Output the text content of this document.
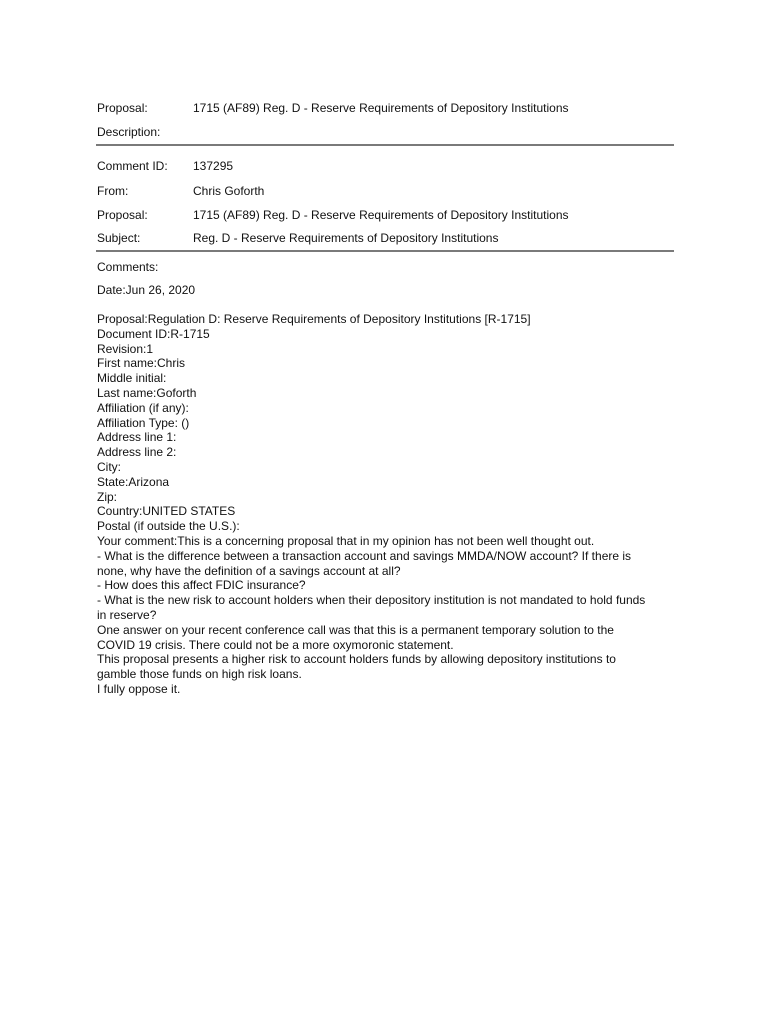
Proposal:	1715 (AF89) Reg. D - Reserve Requirements of Depository Institutions
Description:
Comment ID: 137295
From:	Chris Goforth
Proposal:	1715 (AF89) Reg. D - Reserve Requirements of Depository Institutions
Subject:	Reg. D - Reserve Requirements of Depository Institutions
Comments:
Date:Jun 26, 2020
Proposal:Regulation D: Reserve Requirements of Depository Institutions [R-1715]
Document ID:R-1715
Revision:1
First name:Chris
Middle initial:
Last name:Goforth
Affiliation (if any):
Affiliation Type: ()
Address line 1:
Address line 2:
City:
State:Arizona
Zip:
Country:UNITED STATES
Postal (if outside the U.S.):
Your comment:This is a concerning proposal that in my opinion has not been well thought out.
- What is the difference between a transaction account and savings MMDA/NOW account? If there is
none, why have the definition of a savings account at all?
- How does this affect FDIC insurance?
- What is the new risk to account holders when their depository institution is not mandated to hold funds
in reserve?
One answer on your recent conference call was that this is a permanent temporary solution to the
COVID 19 crisis. There could not be a more oxymoronic statement.
This proposal presents a higher risk to account holders funds by allowing depository institutions to
gamble those funds on high risk loans.
I fully oppose it.
